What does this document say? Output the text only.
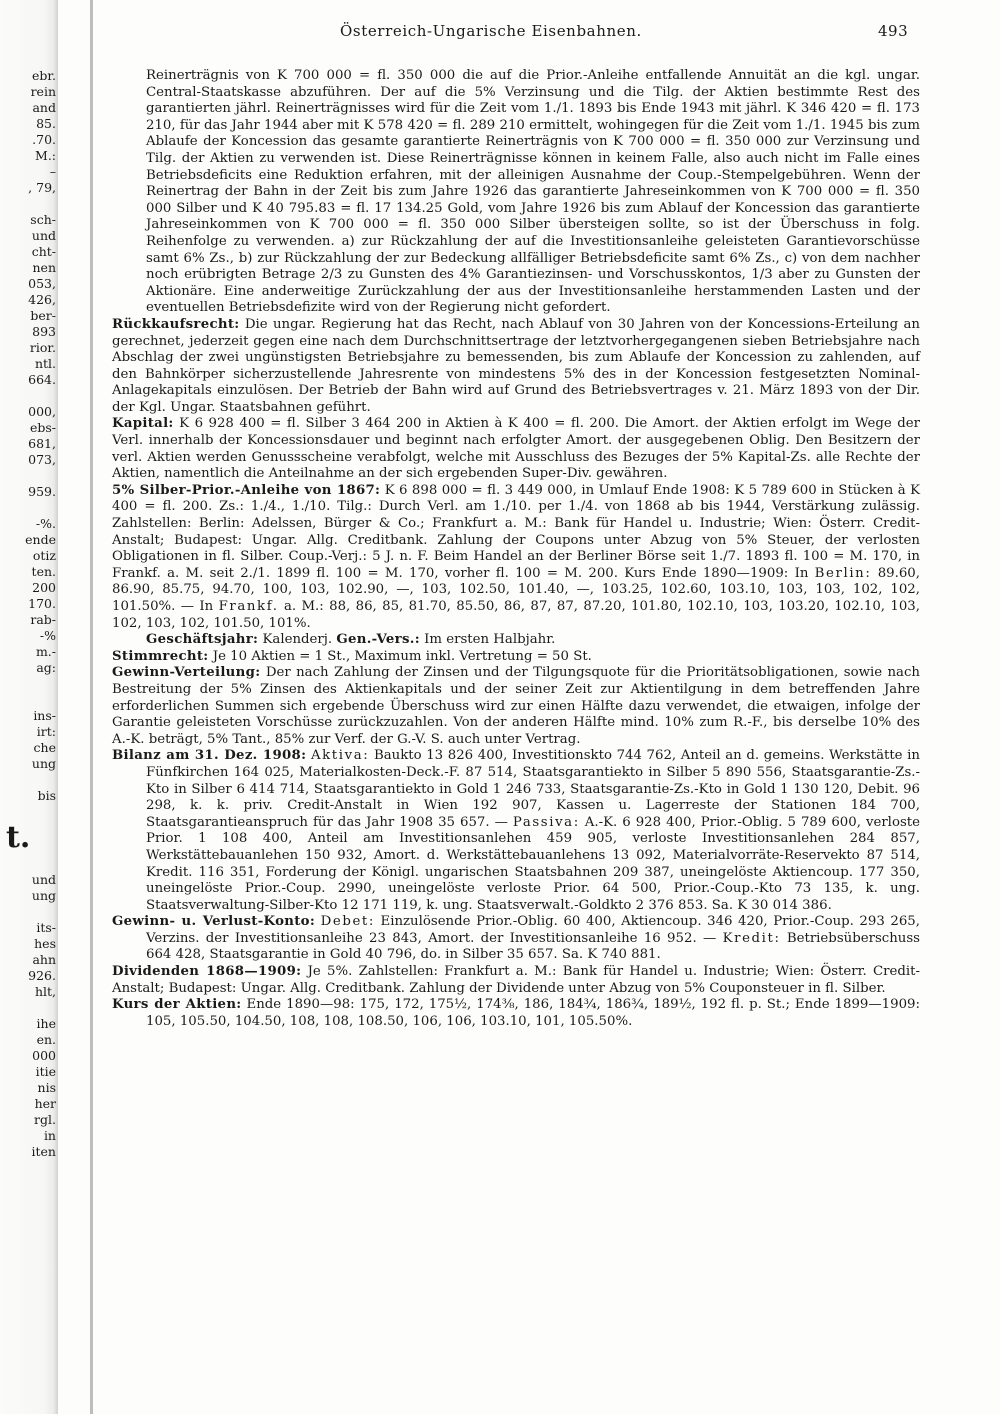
ebr.
rein
and
85.
.70.
M.:
–
, 79,

sch-
und
cht-
nen
053,
426,
ber-
893
rior.
ntl.
664.

000,
ebs-
681,
073,

959.

-%.
ende
otiz
ten.
200
170.
rab-
-%
m.-
ag:

ins-
irt:
che
ung

bis

t.

und
ung

its-
hes
ahn
926.
hlt,

ihe
en.
000
itie
nis
her
rgl.
in
iten
Österreich-Ungarische Eisenbahnen.	493

Reinerträgnis von K 700 000 = fl. 350 000 die auf die Prior.-Anleihe entfallende Annuität an die kgl. ungar. Central-Staatskasse abzuführen. Der auf die 5% Verzinsung und die Tilg. der Aktien bestimmte Rest des garantierten jährl. Reinerträgnisses wird für die Zeit vom 1./1. 1893 bis Ende 1943 mit jährl. K 346 420 = fl. 173 210, für das Jahr 1944 aber mit K 578 420 = fl. 289 210 ermittelt, wohingegen für die Zeit vom 1./1. 1945 bis zum Ablaufe der Koncession das gesamte garantierte Reinerträgnis von K 700 000 = fl. 350 000 zur Verzinsung und Tilg. der Aktien zu verwenden ist. Diese Reinerträgnisse können in keinem Falle, also auch nicht im Falle eines Betriebsdeficits eine Reduktion erfahren, mit der alleinigen Ausnahme der Coup.-Stempelgebühren. Wenn der Reinertrag der Bahn in der Zeit bis zum Jahre 1926 das garantierte Jahreseinkommen von K 700 000 = fl. 350 000 Silber und K 40 795.83 = fl. 17 134.25 Gold, vom Jahre 1926 bis zum Ablauf der Koncession das garantierte Jahreseinkommen von K 700 000 = fl. 350 000 Silber übersteigen sollte, so ist der Überschuss in folg. Reihenfolge zu verwenden. a) zur Rückzahlung der auf die Investitionsanleihe geleisteten Garantievorschüsse samt 6% Zs., b) zur Rückzahlung der zur Bedeckung allfälliger Betriebsdeficite samt 6% Zs., c) von dem nachher noch erübrigten Betrage 2/3 zu Gunsten des 4% Garantiezinsen- und Vorschusskontos, 1/3 aber zu Gunsten der Aktionäre. Eine anderweitige Zurückzahlung der aus der Investitionsanleihe herstammenden Lasten und der eventuellen Betriebsdefizite wird von der Regierung nicht gefordert.

Rückkaufsrecht: Die ungar. Regierung hat das Recht, nach Ablauf von 30 Jahren von der Koncessions-Erteilung an gerechnet, jederzeit gegen eine nach dem Durchschnittsertrage der letztvorhergegangenen sieben Betriebsjahre nach Abschlag der zwei ungünstigsten Betriebsjahre zu bemessenden, bis zum Ablaufe der Koncession zu zahlenden, auf den Bahnkörper sicherzustellende Jahresrente von mindestens 5% des in der Koncession festgesetzten Nominal-Anlagekapitals einzulösen. Der Betrieb der Bahn wird auf Grund des Betriebsvertrages v. 21. März 1893 von der Dir. der Kgl. Ungar. Staatsbahnen geführt.

Kapital: K 6 928 400 = fl. Silber 3 464 200 in Aktien à K 400 = fl. 200. Die Amort. der Aktien erfolgt im Wege der Verl. innerhalb der Koncessionsdauer und beginnt nach erfolgter Amort. der ausgegebenen Oblig. Den Besitzern der verl. Aktien werden Genussscheine verabfolgt, welche mit Ausschluss des Bezuges der 5% Kapital-Zs. alle Rechte der Aktien, namentlich die Anteilnahme an der sich ergebenden Super-Div. gewähren.

5% Silber-Prior.-Anleihe von 1867: K 6 898 000 = fl. 3 449 000, in Umlauf Ende 1908: K 5 789 600 in Stücken à K 400 = fl. 200. Zs.: 1./4., 1./10. Tilg.: Durch Verl. am 1./10. per 1./4. von 1868 ab bis 1944, Verstärkung zulässig. Zahlstellen: Berlin: Adelssen, Bürger & Co.; Frankfurt a. M.: Bank für Handel u. Industrie; Wien: Österr. Credit-Anstalt; Budapest: Ungar. Allg. Creditbank. Zahlung der Coupons unter Abzug von 5% Steuer, der verlosten Obligationen in fl. Silber. Coup.-Verj.: 5 J. n. F. Beim Handel an der Berliner Börse seit 1./7. 1893 fl. 100 = M. 170, in Frankf. a. M. seit 2./1. 1899 fl. 100 = M. 170, vorher fl. 100 = M. 200. Kurs Ende 1890—1909: In Berlin: 89.60, 86.90, 85.75, 94.70, 100, 103, 102.90, —, 103, 102.50, 101.40, —, 103.25, 102.60, 103.10, 103, 103, 102, 102, 101.50%. — In Frankf. a. M.: 88, 86, 85, 81.70, 85.50, 86, 87, 87, 87.20, 101.80, 102.10, 103, 103.20, 102.10, 103, 102, 103, 102, 101.50, 101%.

Geschäftsjahr: Kalenderj. Gen.-Vers.: Im ersten Halbjahr.

Stimmrecht: Je 10 Aktien = 1 St., Maximum inkl. Vertretung = 50 St.

Gewinn-Verteilung: Der nach Zahlung der Zinsen und der Tilgungsquote für die Prioritätsobligationen, sowie nach Bestreitung der 5% Zinsen des Aktienkapitals und der seiner Zeit zur Aktientilgung in dem betreffenden Jahre erforderlichen Summen sich ergebende Überschuss wird zur einen Hälfte dazu verwendet, die etwaigen, infolge der Garantie geleisteten Vorschüsse zurückzuzahlen. Von der anderen Hälfte mind. 10% zum R.-F., bis derselbe 10% des A.-K. beträgt, 5% Tant., 85% zur Verf. der G.-V. S. auch unter Vertrag.

Bilanz am 31. Dez. 1908: Aktiva: Baukto 13 826 400, Investitionskto 744 762, Anteil an d. gemeins. Werkstätte in Fünfkirchen 164 025, Materialkosten-Deck.-F. 87 514, Staatsgarantiekto in Silber 5 890 556, Staatsgarantie-Zs.-Kto in Silber 6 414 714, Staatsgarantiekto in Gold 1 246 733, Staatsgarantie-Zs.-Kto in Gold 1 130 120, Debit. 96 298, k. k. priv. Credit-Anstalt in Wien 192 907, Kassen u. Lagerreste der Stationen 184 700, Staatsgarantieanspruch für das Jahr 1908 35 657. — Passiva: A.-K. 6 928 400, Prior.-Oblig. 5 789 600, verloste Prior. 1 108 400, Anteil am Investitionsanlehen 459 905, verloste Investitionsanlehen 284 857, Werkstättebauanlehen 150 932, Amort. d. Werkstättebauanlehens 13 092, Materialvorräte-Reservekto 87 514, Kredit. 116 351, Forderung der Königl. ungarischen Staatsbahnen 209 387, uneingelöste Aktiencoup. 177 350, uneingelöste Prior.-Coup. 2990, uneingelöste verloste Prior. 64 500, Prior.-Coup.-Kto 73 135, k. ung. Staatsverwaltung-Silber-Kto 12 171 119, k. ung. Staatsverwalt.-Goldkto 2 376 853. Sa. K 30 014 386.

Gewinn- u. Verlust-Konto: Debet: Einzulösende Prior.-Oblig. 60 400, Aktiencoup. 346 420, Prior.-Coup. 293 265, Verzins. der Investitionsanleihe 23 843, Amort. der Investitionsanleihe 16 952. — Kredit: Betriebsüberschuss 664 428, Staatsgarantie in Gold 40 796, do. in Silber 35 657. Sa. K 740 881.

Dividenden 1868—1909: Je 5%. Zahlstellen: Frankfurt a. M.: Bank für Handel u. Industrie; Wien: Österr. Credit-Anstalt; Budapest: Ungar. Allg. Creditbank. Zahlung der Dividende unter Abzug von 5% Couponsteuer in fl. Silber.

Kurs der Aktien: Ende 1890—98: 175, 172, 175½, 174⅜, 186, 184¾, 186¾, 189½, 192 fl. p. St.; Ende 1899—1909: 105, 105.50, 104.50, 108, 108, 108.50, 106, 106, 103.10, 101, 105.50%.
